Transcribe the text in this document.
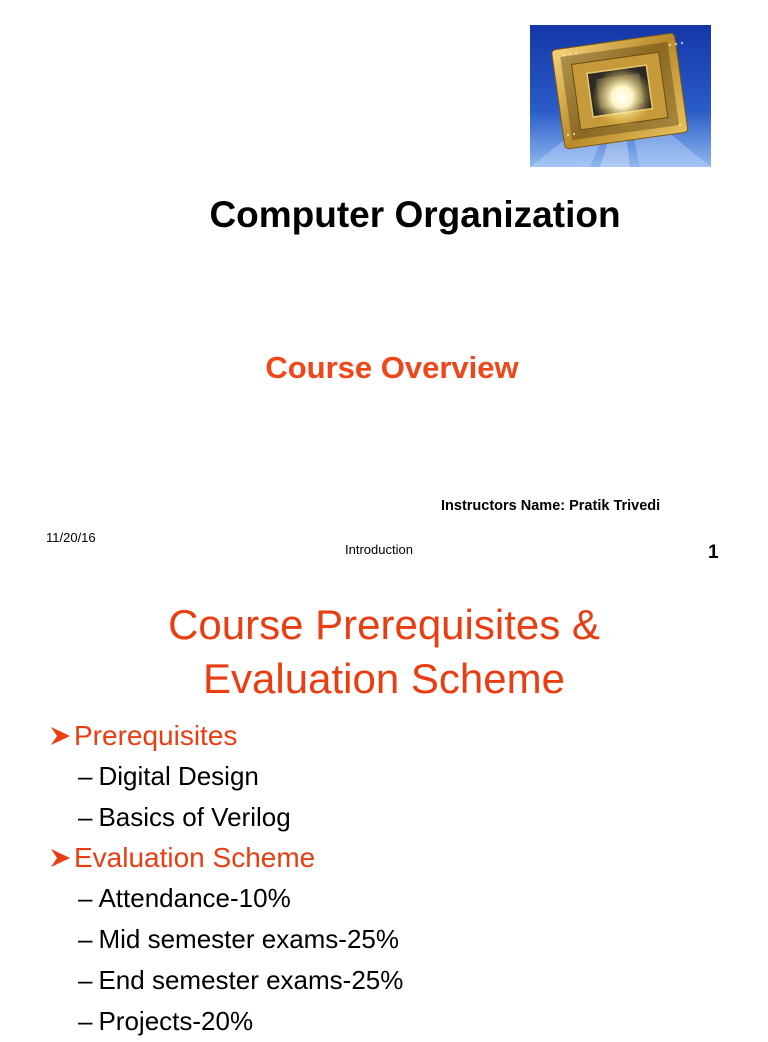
Computer Organization
Course Overview
Instructors Name: Pratik Trivedi
11/20/16
Introduction	1
Course Prerequisites &
Evaluation Scheme
Prerequisites
– Digital Design
– Basics of Verilog
Evaluation Scheme
– Attendance-10%
– Mid semester exams-25%
– End semester exams-25%
– Projects-20%
